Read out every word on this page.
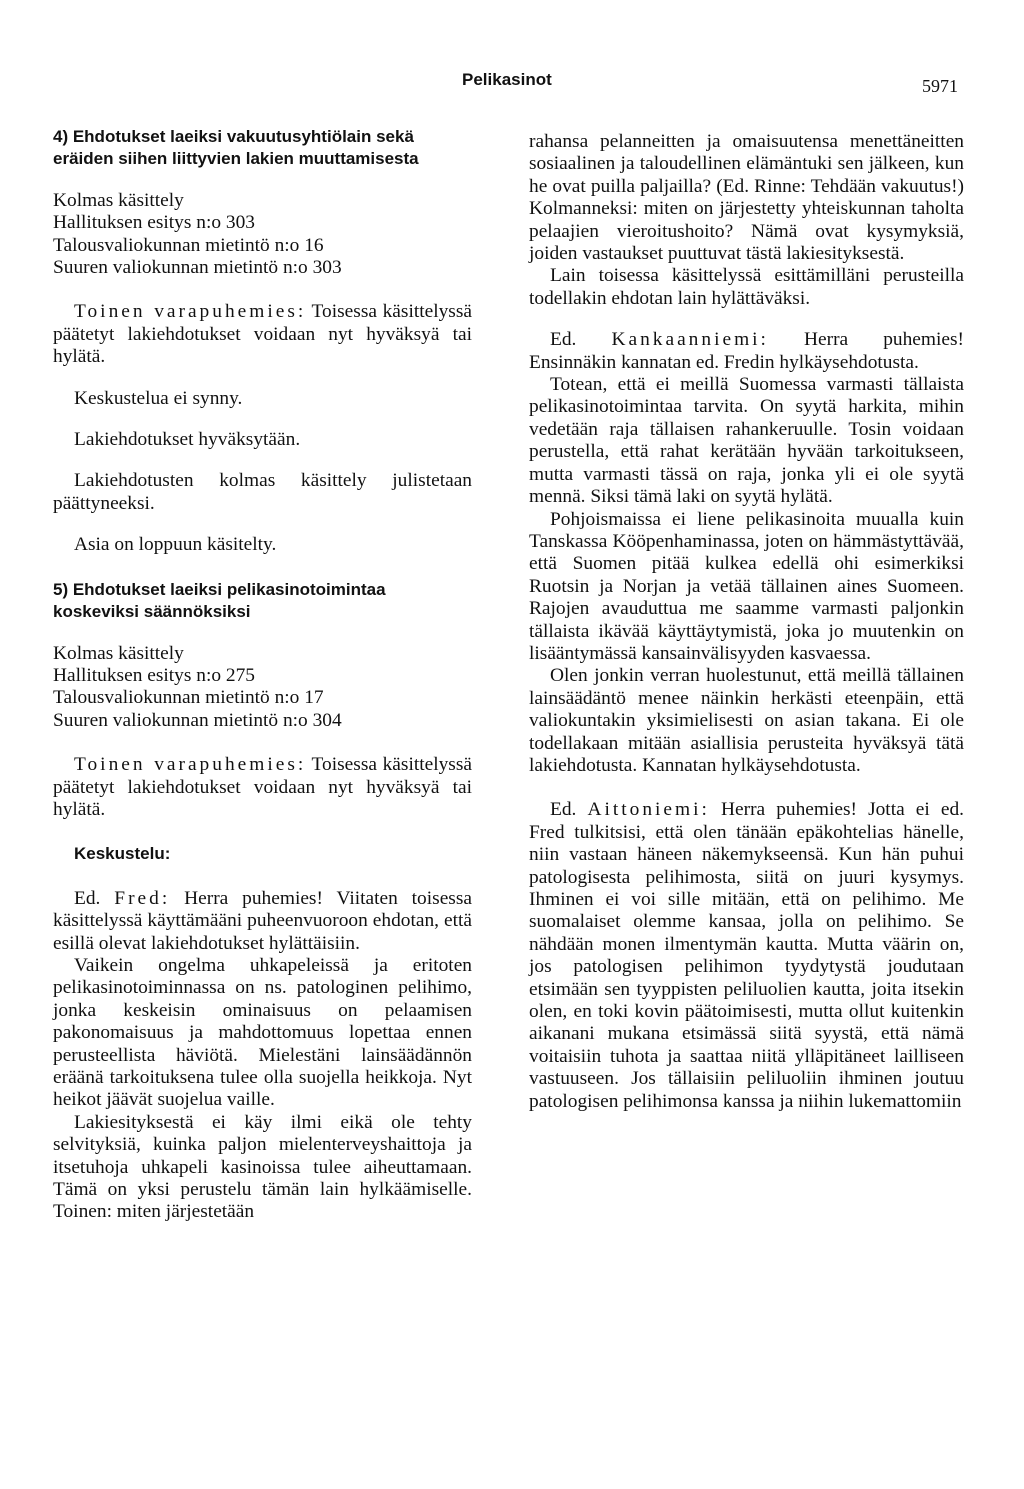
Pelikasinot	5971
4) Ehdotukset laeiksi vakuutusyhtiölain sekä
eräiden siihen liittyvien lakien muuttamisesta
Kolmas käsittely
Hallituksen esitys n:o 303
Talousvaliokunnan mietintö n:o 16
Suuren valiokunnan mietintö n:o 303

Toinen varapuhemies: Toisessa käsittelyssä päätetyt lakiehdotukset voidaan nyt hyväksyä tai hylätä.

Keskustelua ei synny.

Lakiehdotukset hyväksytään.

Lakiehdotusten kolmas käsittely julistetaan päättyneeksi.

Asia on loppuun käsitelty.

5) Ehdotukset laeiksi pelikasinotoimintaa
koskeviksi säännöksiksi
Kolmas käsittely
Hallituksen esitys n:o 275
Talousvaliokunnan mietintö n:o 17
Suuren valiokunnan mietintö n:o 304

Toinen varapuhemies: Toisessa käsittelyssä päätetyt lakiehdotukset voidaan nyt hyväksyä tai hylätä.

Keskustelu:

Ed. Fred: Herra puhemies! Viitaten toisessa käsittelyssä käyttämääni puheenvuoroon ehdotan, että esillä olevat lakiehdotukset hylättäisiin.

Vaikein ongelma uhkapeleissä ja eritoten pelikasinotoiminnassa on ns. patologinen pelihimo, jonka keskeisin ominaisuus on pelaamisen pakonomaisuus ja mahdottomuus lopettaa ennen perusteellista häviötä. Mielestäni lainsäädännön eräänä tarkoituksena tulee olla suojella heikkoja. Nyt heikot jäävät suojelua vaille.

Lakiesityksestä ei käy ilmi eikä ole tehty selvityksiä, kuinka paljon mielenterveyshaittoja ja itsetuhoja uhkapeli kasinoissa tulee aiheuttamaan. Tämä on yksi perustelu tämän lain hylkäämiselle. Toinen: miten järjestetään

rahansa pelanneitten ja omaisuutensa menettäneitten sosiaalinen ja taloudellinen elämäntuki sen jälkeen, kun he ovat puilla paljailla? (Ed. Rinne: Tehdään vakuutus!) Kolmanneksi: miten on järjestetty yhteiskunnan taholta pelaajien vieroitushoito? Nämä ovat kysymyksiä, joiden vastaukset puuttuvat tästä lakiesityksestä.

Lain toisessa käsittelyssä esittämilläni perusteilla todellakin ehdotan lain hylättäväksi.

Ed. Kankaanniemi: Herra puhemies! Ensinnäkin kannatan ed. Fredin hylkäysehdotusta.

Totean, että ei meillä Suomessa varmasti tällaista pelikasinotoimintaa tarvita. On syytä harkita, mihin vedetään raja tällaisen rahankeruulle. Tosin voidaan perustella, että rahat kerätään hyvään tarkoitukseen, mutta varmasti tässä on raja, jonka yli ei ole syytä mennä. Siksi tämä laki on syytä hylätä.

Pohjoismaissa ei liene pelikasinoita muualla kuin Tanskassa Kööpenhaminassa, joten on hämmästyttävää, että Suomen pitää kulkea edellä ohi esimerkiksi Ruotsin ja Norjan ja vetää tällainen aines Suomeen. Rajojen avauduttua me saamme varmasti paljonkin tällaista ikävää käyttäytymistä, joka jo muutenkin on lisääntymässä kansainvälisyyden kasvaessa.

Olen jonkin verran huolestunut, että meillä tällainen lainsäädäntö menee näinkin herkästi eteenpäin, että valiokuntakin yksimielisesti on asian takana. Ei ole todellakaan mitään asiallisia perusteita hyväksyä tätä lakiehdotusta. Kannatan hylkäysehdotusta.

Ed. Aittoniemi: Herra puhemies! Jotta ei ed. Fred tulkitsisi, että olen tänään epäkohtelias hänelle, niin vastaan häneen näkemykseensä. Kun hän puhui patologisesta pelihimosta, siitä on juuri kysymys. Ihminen ei voi sille mitään, että on pelihimo. Me suomalaiset olemme kansaa, jolla on pelihimo. Se nähdään monen ilmentymän kautta. Mutta väärin on, jos patologisen pelihimon tyydytystä joudutaan etsimään sen tyyppisten peliluolien kautta, joita itsekin olen, en toki kovin päätoimisesti, mutta ollut kuitenkin aikanani mukana etsimässä siitä syystä, että nämä voitaisiin tuhota ja saattaa niitä ylläpitäneet lailliseen vastuuseen. Jos tällaisiin peliluoliin ihminen joutuu patologisen pelihimonsa kanssa ja niihin lukemattomiin
